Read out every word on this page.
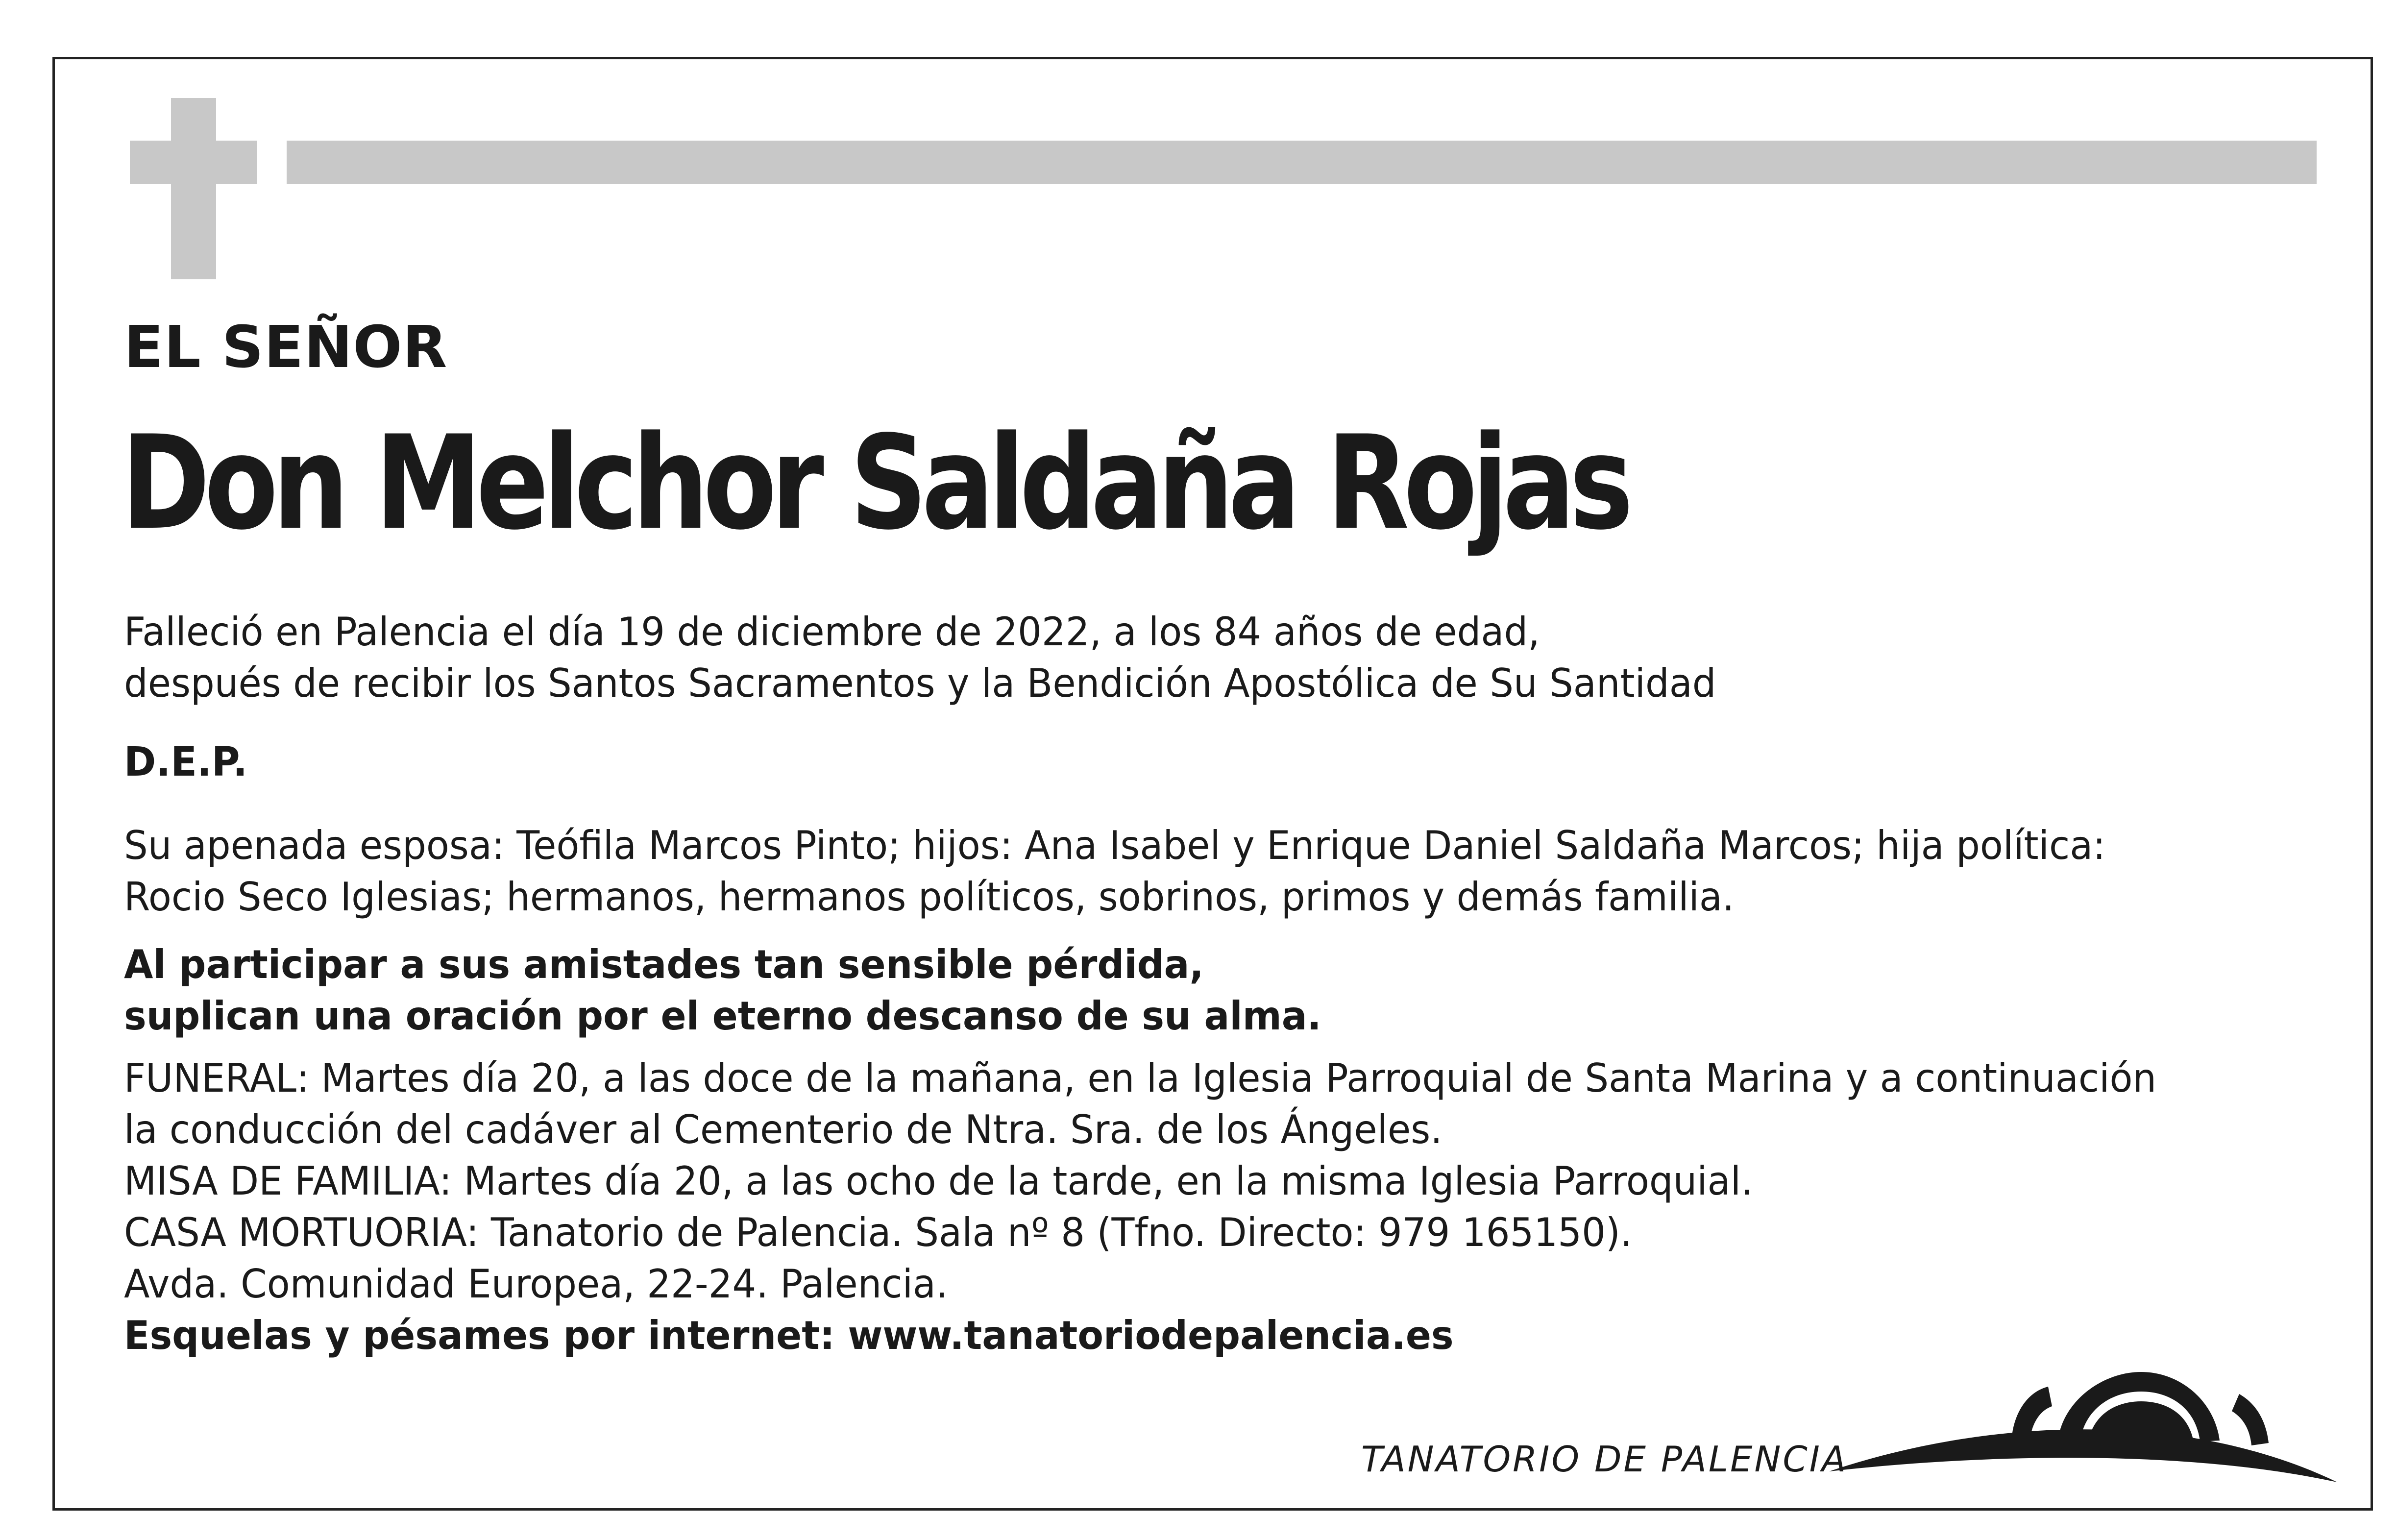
EL SEÑOR
Don Melchor Saldaña Rojas
Falleció en Palencia el día 19 de diciembre de 2022, a los 84 años de edad,
después de recibir los Santos Sacramentos y la Bendición Apostólica de Su Santidad
D.E.P.
Su apenada esposa: Teófila Marcos Pinto; hijos: Ana Isabel y Enrique Daniel Saldaña Marcos; hija política:
Rocio Seco Iglesias; hermanos, hermanos políticos, sobrinos, primos y demás familia.
Al participar a sus amistades tan sensible pérdida,
suplican una oración por el eterno descanso de su alma.
FUNERAL: Martes día 20, a las doce de la mañana, en la Iglesia Parroquial de Santa Marina y a continuación
la conducción del cadáver al Cementerio de Ntra. Sra. de los Ángeles.
MISA DE FAMILIA: Martes día 20, a las ocho de la tarde, en la misma Iglesia Parroquial.
CASA MORTUORIA: Tanatorio de Palencia. Sala nº 8 (Tfno. Directo: 979 165150).
Avda. Comunidad Europea, 22-24. Palencia.
Esquelas y pésames por internet: www.tanatoriodepalencia.es
TANATORIO DE PALENCIA
